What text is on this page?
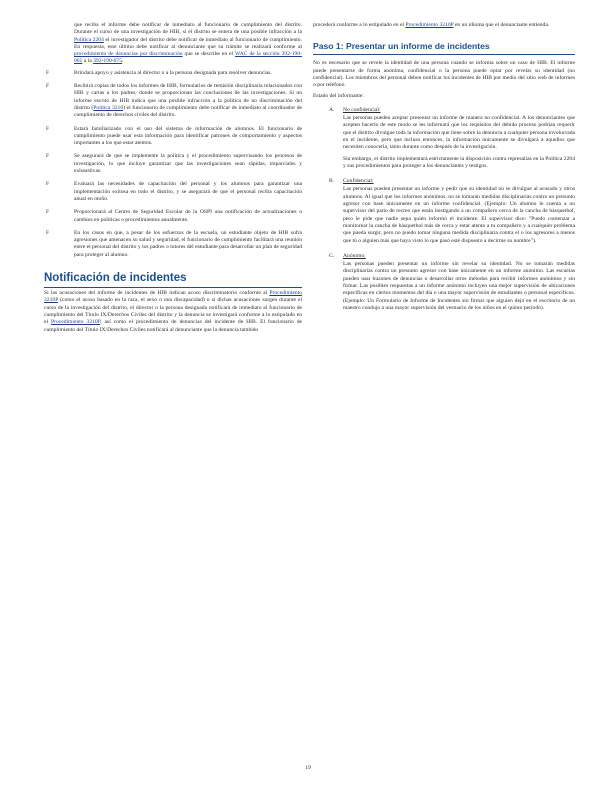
que reciba el informe debe notificar de inmediato al funcionario de cumplimiento del distrito. Durante el curso de una investigación de HIB, si el distrito se entera de una posible infracción a la Política 2204 el investigador del distrito debe notificar de inmediato al funcionario de cumplimiento. En respuesta, este último debe notificar al denunciante que su trámite se realizará conforme al procedimiento de denuncias por discriminación que se describe en el WAC de la sección 392-190-065 a la 392-190-075.

F	Brindará apoyo y asistencia al director o a la persona designada para resolver denuncias.
F	Recibirá copias de todos los informes de HIB, formularios de remisión disciplinaria relacionados con HIB y cartas a los padres, donde se proporcionan las conclusiones de las investigaciones. Si un informe escrito de HIB indica que una posible infracción a la política de no discriminación del distrito (Política 3210) el funcionario de cumplimiento debe notificar de inmediato al coordinador de cumplimiento de derechos civiles del distrito.
F	Estará familiarizado con el uso del sistema de información de alumnos. El funcionario de cumplimiento puede usar esta información para identificar patrones de comportamiento y aspectos importantes a los que estar atentos.
F	Se asegurará de que se implemente la política y el procedimiento supervisando los procesos de investigación, lo que incluye garantizar que las investigaciones sean rápidas, imparciales y exhaustivas.
F	Evaluará las necesidades de capacitación del personal y los alumnos para garantizar una implementación exitosa en todo el distrito, y se asegurará de que el personal reciba capacitación anual en otoño.
F	Proporcionará al Centro de Seguridad Escolar de la OSPI una notificación de actualizaciones o cambios en políticas o procedimientos anualmente.
F	En los casos en que, a pesar de los esfuerzos de la escuela, un estudiante objeto de HIB sufra agresiones que amenacen su salud y seguridad, el funcionario de cumplimiento facilitará una reunión entre el personal del distrito y los padres o tutores del estudiante para desarrollar un plan de seguridad para proteger al alumno.
Notificación de incidentes

Si las acusaciones del informe de incidentes de HIB indican acoso discriminatorio conforme al Procedimiento 3210P (como el acoso basado en la raza, el sexo o una discapacidad) o si dichas acusaciones surgen durante el curso de la investigación del distrito, el director o la persona designada notificará de inmediato al funcionario de cumplimiento del Título IX/Derechos Civiles del distrito y la denuncia se investigará conforme a lo estipulado en el Procedimiento 3210P, así como el procedimiento de denuncias del incidente de HIB. El funcionario de cumplimiento del Título IX/Derechos Civiles notificará al denunciante que la denuncia también

procederá conforme a lo estipulado en el Procedimiento 3210P en un idioma que el denunciante entienda.

Paso 1: Presentar un informe de incidentes

No es necesario que se revele la identidad de una persona cuando se informa sobre un caso de HIB. El informe puede presentarse de forma anónima, confidencial o la persona puede optar por revelar su identidad (no confidencial). Los miembros del personal deben notificar los incidentes de HIB por medio del sitio web de informes o por teléfono.

Estado del informante:

A. No confidencial:

Las personas pueden aceptar presentar un informe de manera no confidencial. A los denunciantes que acepten hacerlo de este modo se les informará que los requisitos del debido proceso podrían requerir que el distrito divulgue toda la información que tiene sobre la denuncia a cualquier persona involucrada en el incidente, pero que incluso entonces, la información únicamente se divulgará a aquellos que necesiten conocerla, tanto durante como después de la investigación.

Sin embargo, el distrito implementará estrictamente la disposición contra represalias en la Política 2204 y sus procedimientos para proteger a los denunciantes y testigos.

B. Confidencial:

Las personas pueden presentar un informe y pedir que su identidad no se divulgue al acusado y otros alumnos. Al igual que los informes anónimos, no se tomarán medidas disciplinarias contra un presunto agresor con base únicamente en un informe confidencial. (Ejemplo: Un alumno le cuenta a un supervisor del patio de recreo que están hostigando a un compañero cerca de la cancha de básquetbol, pero le pide que nadie sepa quién informó el incidente. El supervisor dice: "Puedo comenzar a monitorear la cancha de básquetbol más de cerca y estar atento a tu compañero y a cualquier problema que pueda surgir, pero no puedo tomar ninguna medida disciplinaria contra el o los agresores a menos que tú o alguien más que haya visto lo que pasó esté dispuesto a decirme su nombre").

C. Anónimo:

Las personas pueden presentar un informe sin revelar su identidad. No se tomarán medidas disciplinarias contra un presunto agresor con base únicamente en un informe anónimo. Las escuelas pueden usar buzones de denuncias o desarrollar otros métodos para recibir informes anónimos y sin firmar. Las posibles respuestas a un informe anónimo incluyen una mejor supervisión de ubicaciones específicas en ciertos momentos del día o una mayor supervisión de estudiantes o personal específicos. (Ejemplo: Un Formulario de Informe de Incidentes sin firmar que alguien dejó en el escritorio de un maestro condujo a una mayor supervisión del vestuario de los niños en el quinto período).

19
